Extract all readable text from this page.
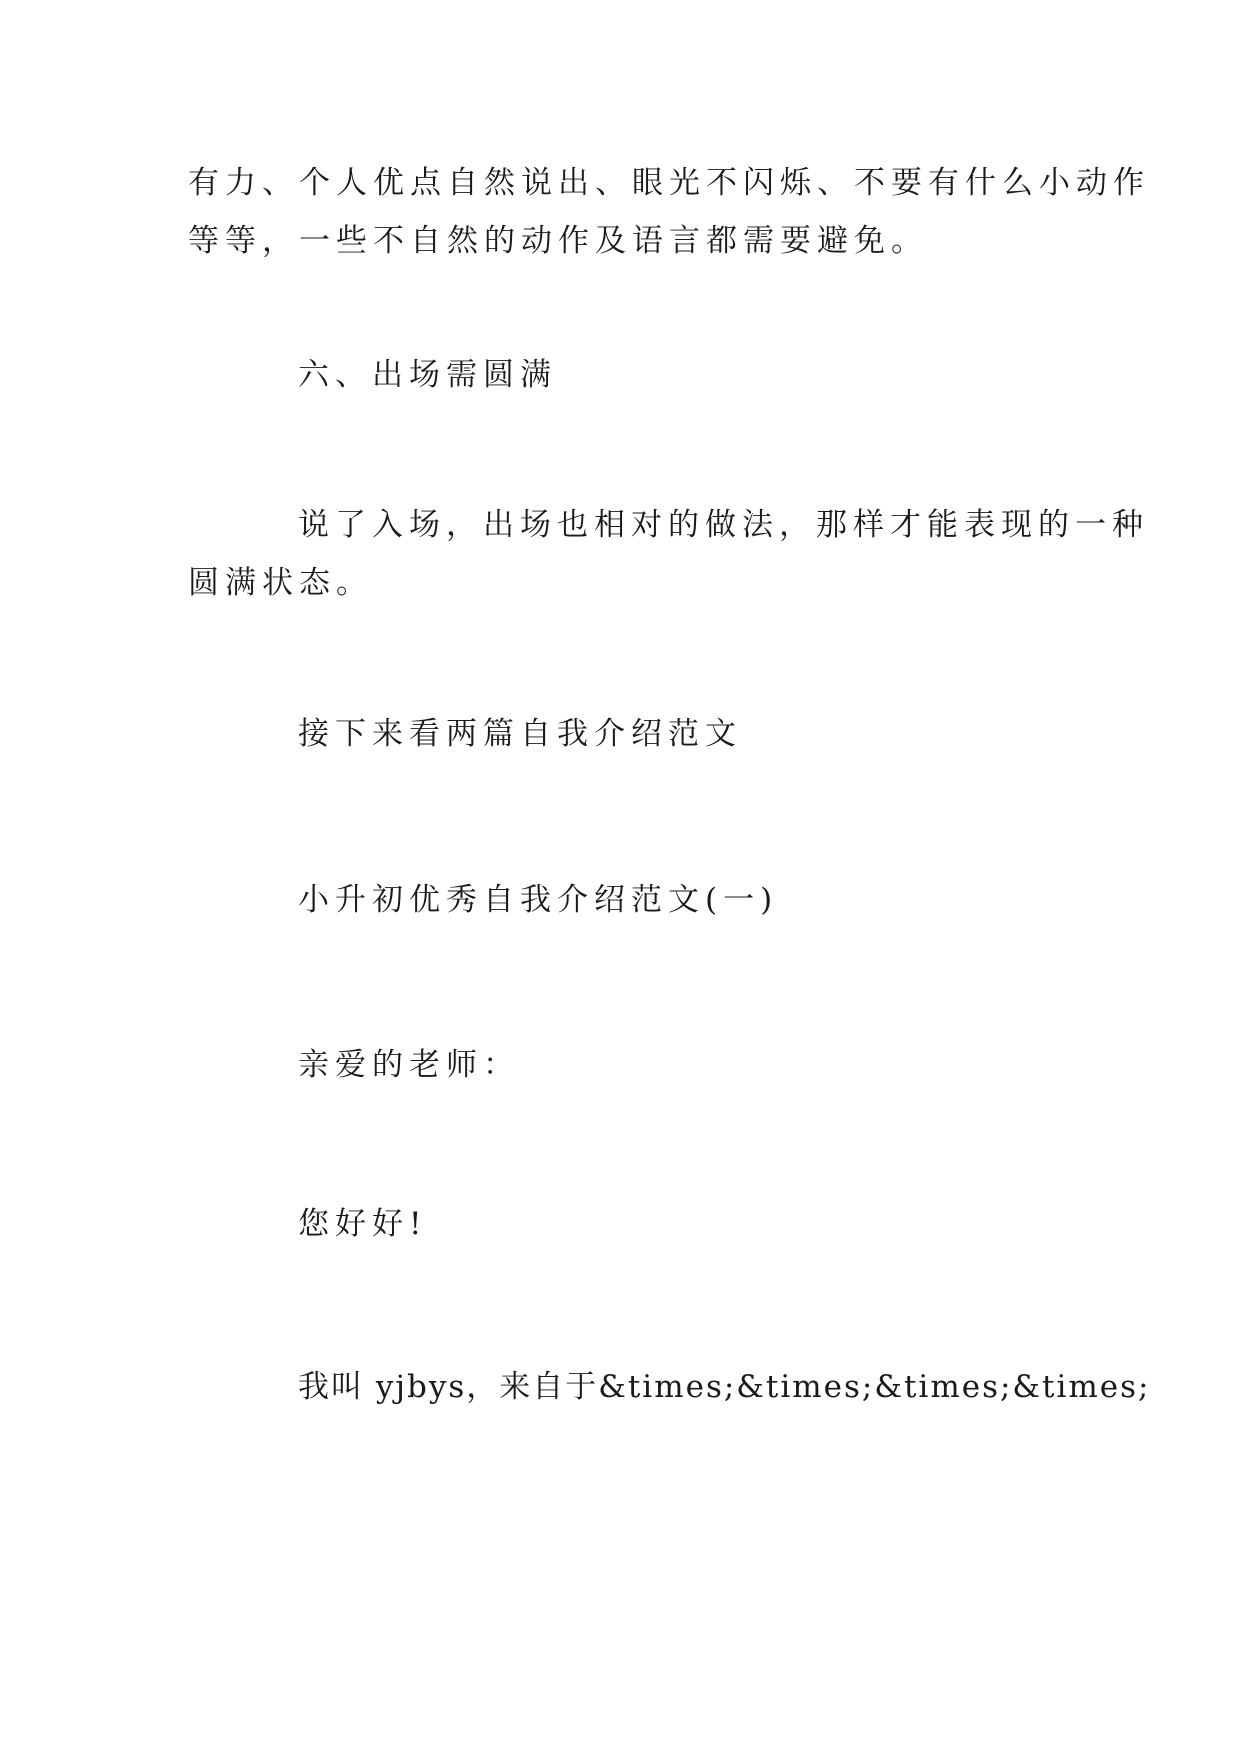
有力、个人优点自然说出、眼光不闪烁、不要有什么小动作
等等，一些不自然的动作及语言都需要避免。

六、出场需圆满

说了入场，出场也相对的做法，那样才能表现的一种
圆满状态。

接下来看两篇自我介绍范文

小升初优秀自我介绍范文(一)

亲爱的老师：

您好好!

我叫 yjbys，来自于&times;&times;&times;&times;
